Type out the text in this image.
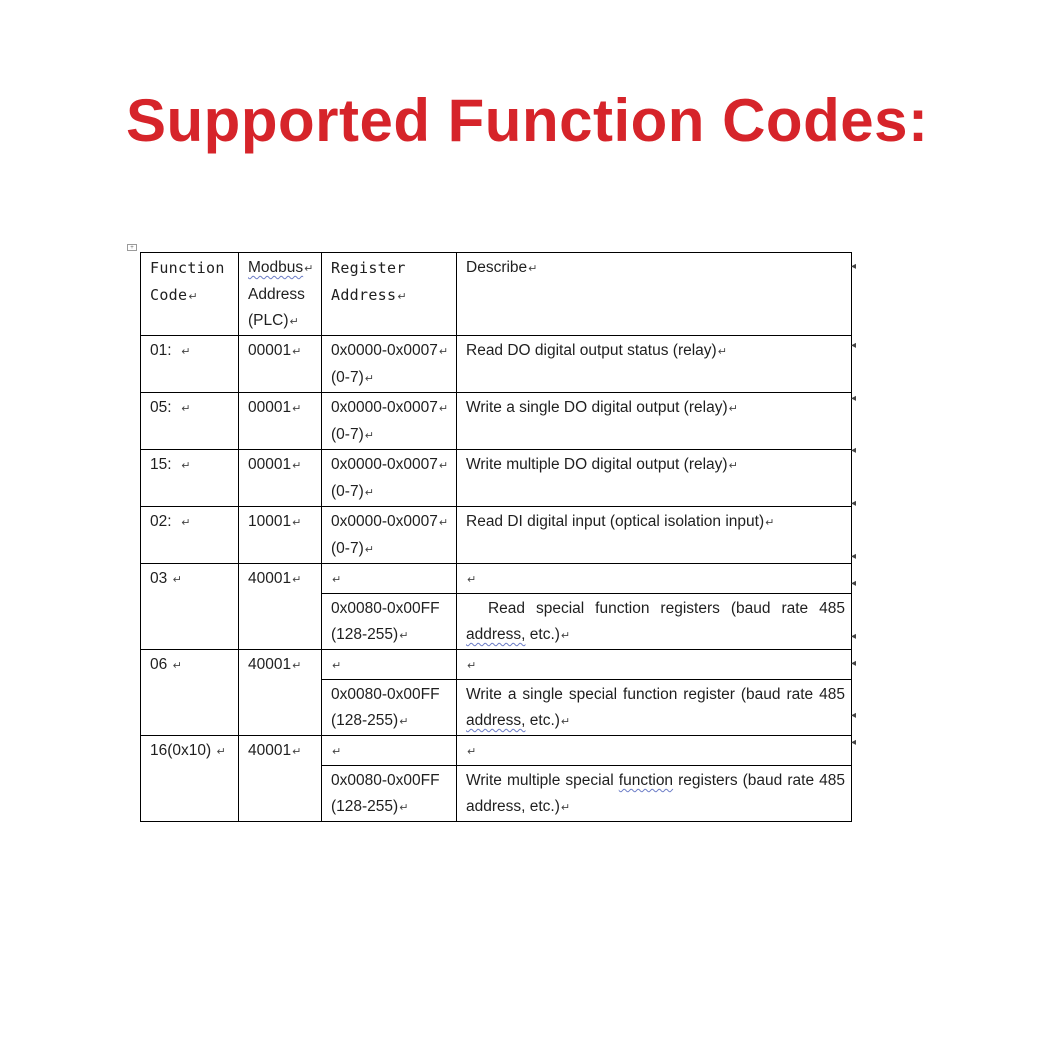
Supported Function Codes:
+
Function Code↵	Modbus↵ Address (PLC)↵	Register Address↵	Describe↵
01: ↵	00001↵	0x0000-0x0007↵ (0-7)↵	Read DO digital output status (relay)↵
05: ↵	00001↵	0x0000-0x0007↵ (0-7)↵	Write a single DO digital output (relay)↵
15: ↵	00001↵	0x0000-0x0007↵ (0-7)↵	Write multiple DO digital output (relay)↵
02: ↵	10001↵	0x0000-0x0007↵ (0-7)↵	Read DI digital input (optical isolation input)↵
03 ↵	40001↵	↵	↵
		0x0080-0x00FF (128-255)↵	Read special function registers (baud rate 485 address, etc.)↵
06 ↵	40001↵	↵	↵
		0x0080-0x00FF (128-255)↵	Write a single special function register (baud rate 485 address, etc.)↵
16(0x10) ↵	40001↵	↵	↵
		0x0080-0x00FF (128-255)↵	Write multiple special function registers (baud rate 485 address, etc.)↵
◂
◂
◂
◂
◂
◂
◂
◂
◂
◂
◂
